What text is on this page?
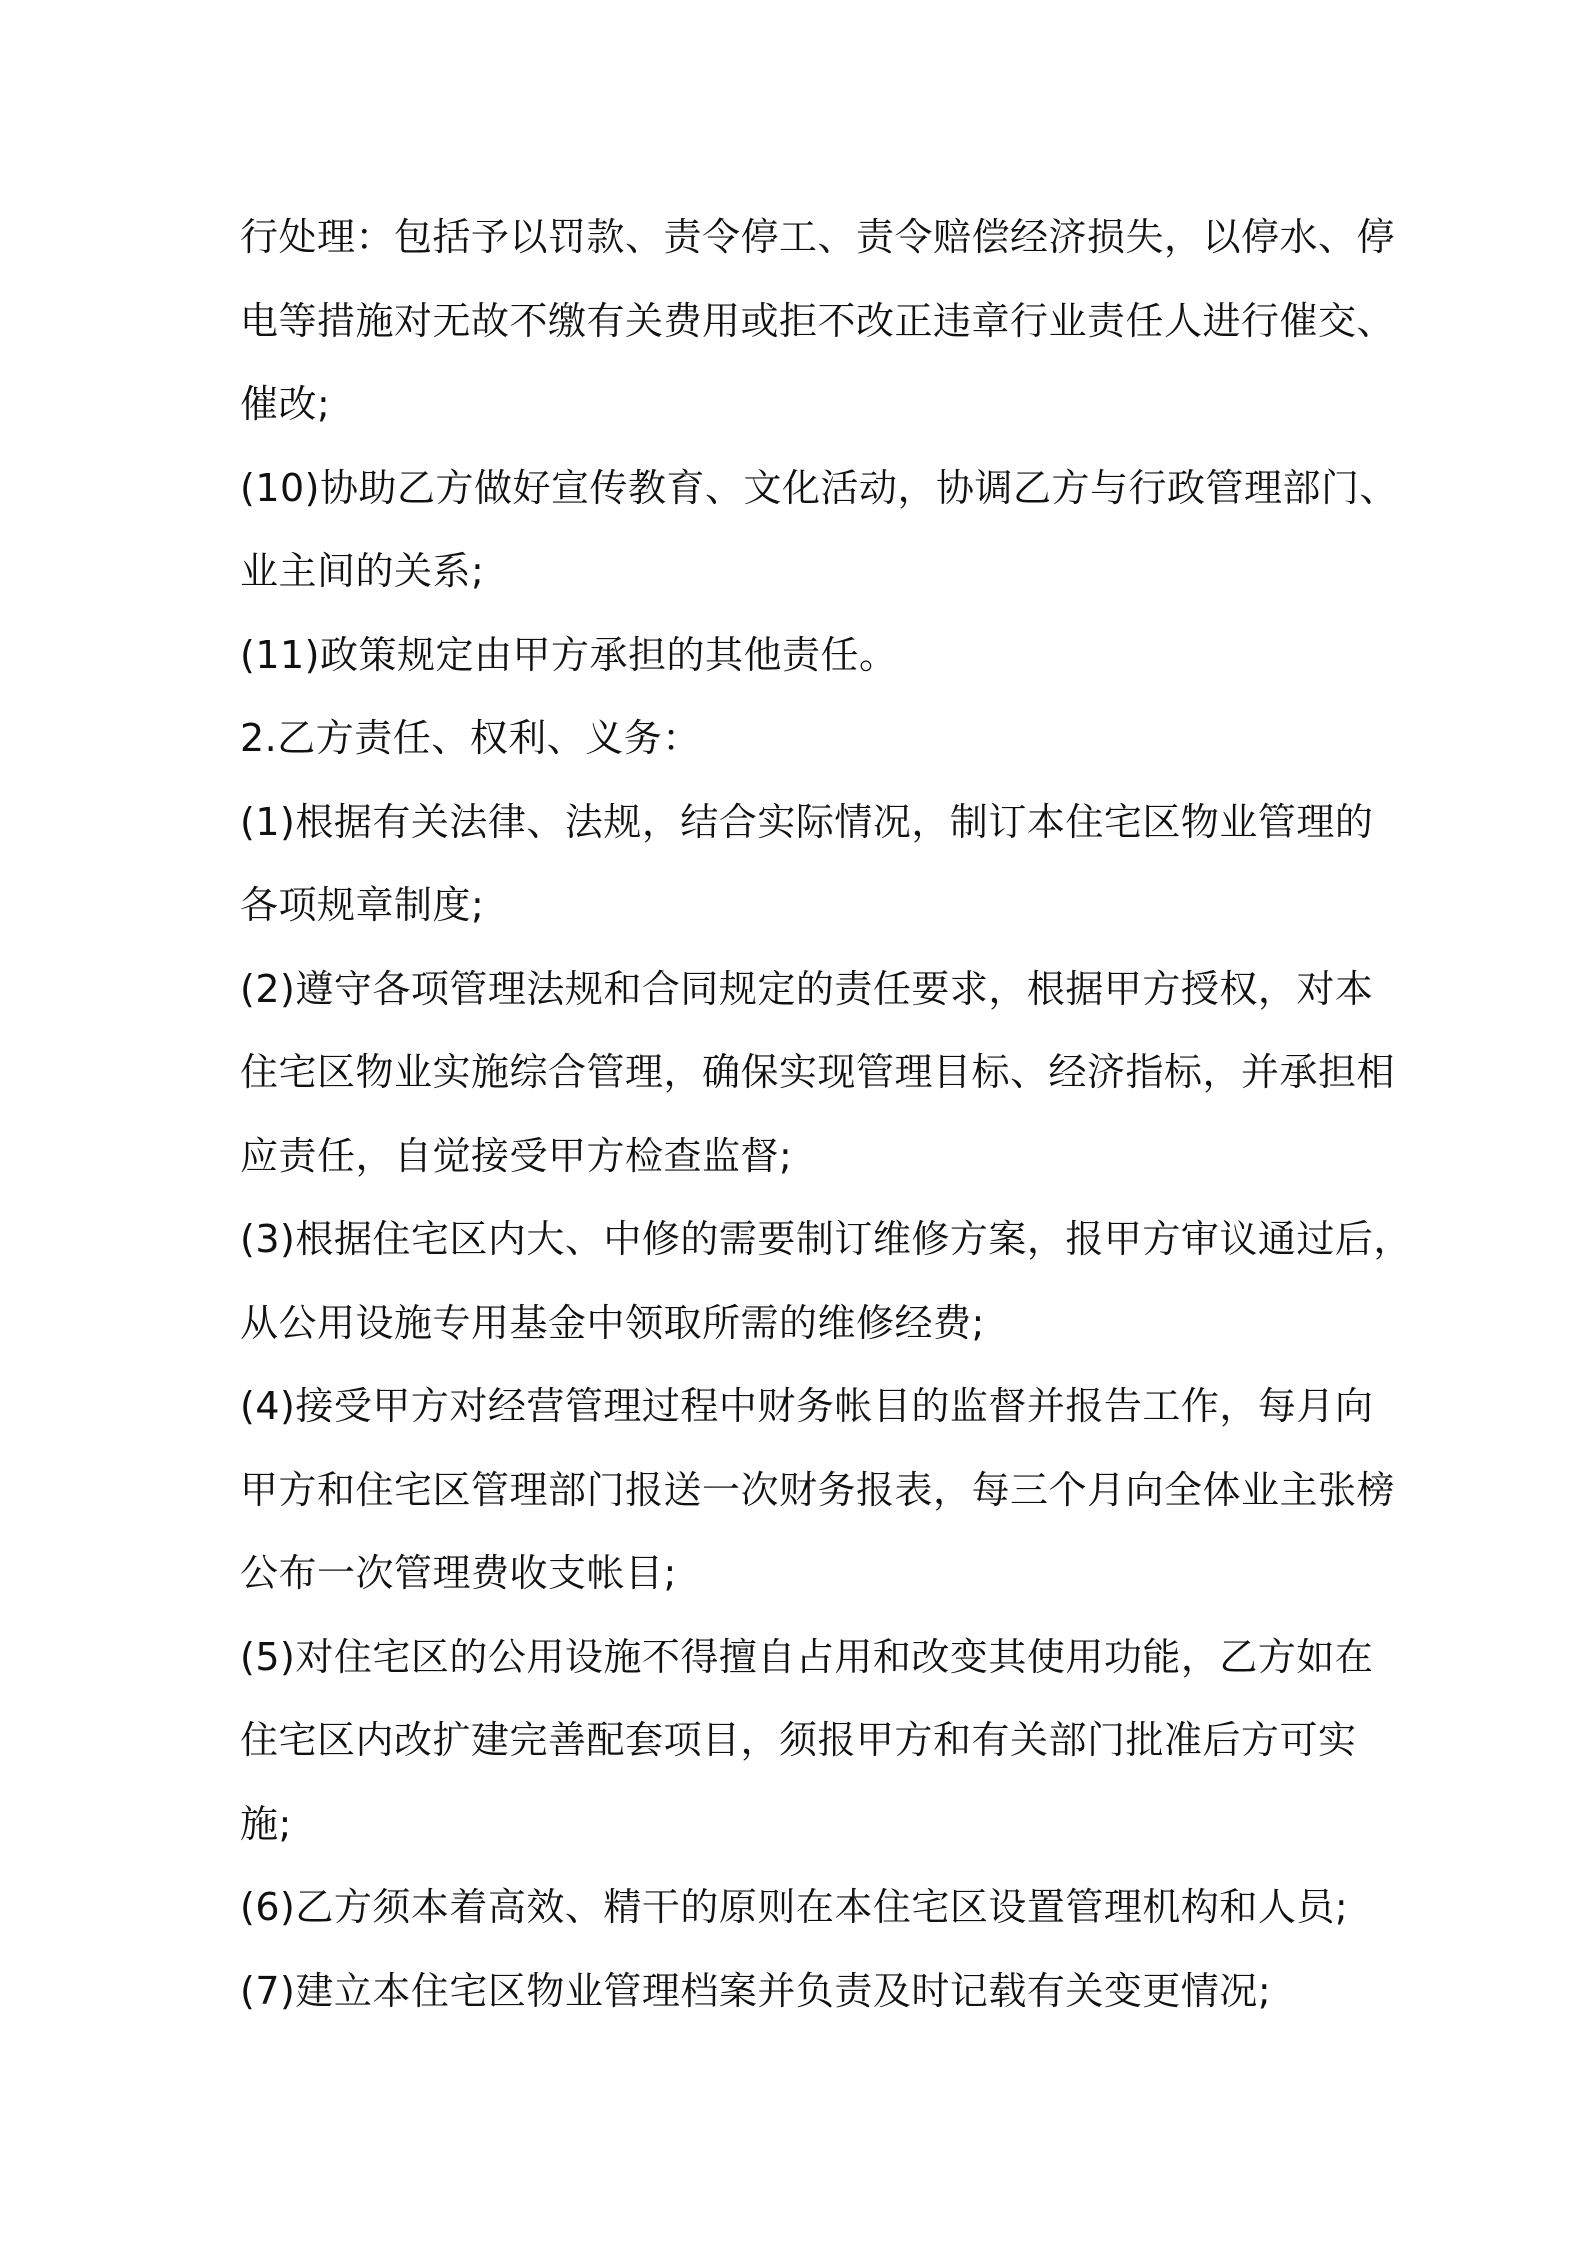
行处理：包括予以罚款、责令停工、责令赔偿经济损失，以停水、停
电等措施对无故不缴有关费用或拒不改正违章行业责任人进行催交、
催改;
(10)协助乙方做好宣传教育、文化活动，协调乙方与行政管理部门、
业主间的关系;
(11)政策规定由甲方承担的其他责任。
2.乙方责任、权利、义务：
(1)根据有关法律、法规，结合实际情况，制订本住宅区物业管理的
各项规章制度;
(2)遵守各项管理法规和合同规定的责任要求，根据甲方授权，对本
住宅区物业实施综合管理，确保实现管理目标、经济指标，并承担相
应责任，自觉接受甲方检查监督;
(3)根据住宅区内大、中修的需要制订维修方案，报甲方审议通过后，
从公用设施专用基金中领取所需的维修经费;
(4)接受甲方对经营管理过程中财务帐目的监督并报告工作，每月向
甲方和住宅区管理部门报送一次财务报表，每三个月向全体业主张榜
公布一次管理费收支帐目;
(5)对住宅区的公用设施不得擅自占用和改变其使用功能，乙方如在
住宅区内改扩建完善配套项目，须报甲方和有关部门批准后方可实
施;
(6)乙方须本着高效、精干的原则在本住宅区设置管理机构和人员;
(7)建立本住宅区物业管理档案并负责及时记载有关变更情况;
